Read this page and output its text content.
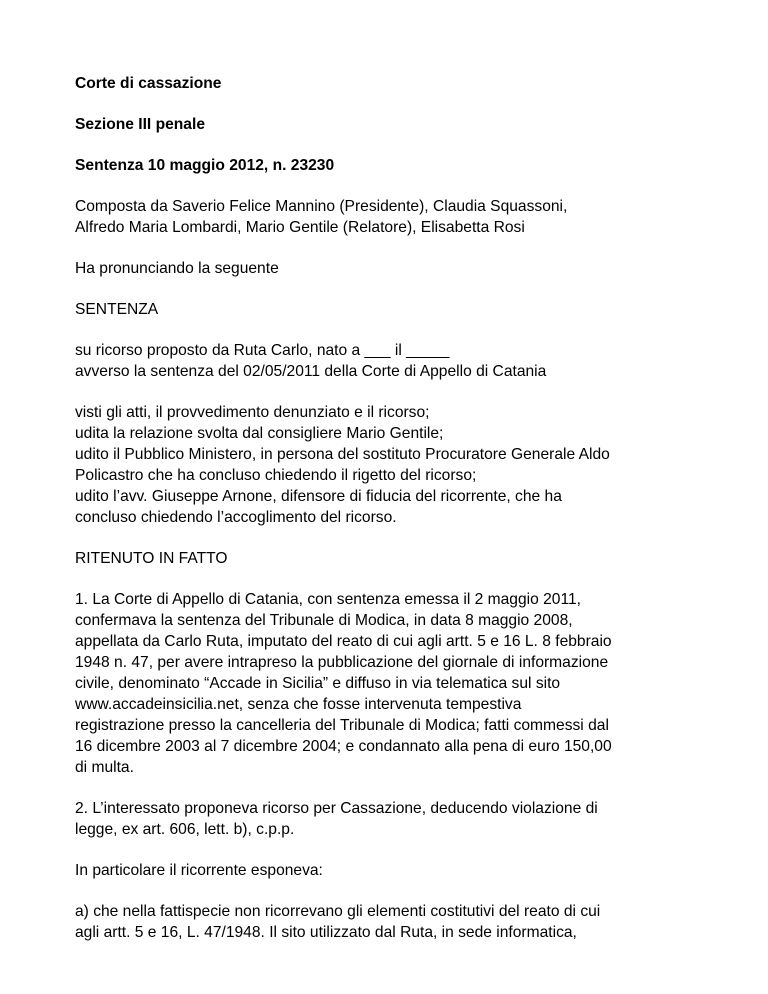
Corte di cassazione

Sezione III penale

Sentenza 10 maggio 2012, n. 23230

Composta da Saverio Felice Mannino (Presidente), Claudia Squassoni,
Alfredo Maria Lombardi, Mario Gentile (Relatore), Elisabetta Rosi

Ha pronunciando la seguente

SENTENZA

su ricorso proposto da Ruta Carlo, nato a ___ il _____
avverso la sentenza del 02/05/2011 della Corte di Appello di Catania

visti gli atti, il provvedimento denunziato e il ricorso;
udita la relazione svolta dal consigliere Mario Gentile;
udito il Pubblico Ministero, in persona del sostituto Procuratore Generale Aldo
Policastro che ha concluso chiedendo il rigetto del ricorso;
udito l’avv. Giuseppe Arnone, difensore di fiducia del ricorrente, che ha
concluso chiedendo l’accoglimento del ricorso.

RITENUTO IN FATTO

1. La Corte di Appello di Catania, con sentenza emessa il 2 maggio 2011,
confermava la sentenza del Tribunale di Modica, in data 8 maggio 2008,
appellata da Carlo Ruta, imputato del reato di cui agli artt. 5 e 16 L. 8 febbraio
1948 n. 47, per avere intrapreso la pubblicazione del giornale di informazione
civile, denominato “Accade in Sicilia” e diffuso in via telematica sul sito
www.accadeinsicilia.net, senza che fosse intervenuta tempestiva
registrazione presso la cancelleria del Tribunale di Modica; fatti commessi dal
16 dicembre 2003 al 7 dicembre 2004; e condannato alla pena di euro 150,00
di multa.

2. L’interessato proponeva ricorso per Cassazione, deducendo violazione di
legge, ex art. 606, lett. b), c.p.p.

In particolare il ricorrente esponeva:

a) che nella fattispecie non ricorrevano gli elementi costitutivi del reato di cui
agli artt. 5 e 16, L. 47/1948. Il sito utilizzato dal Ruta, in sede informatica,
